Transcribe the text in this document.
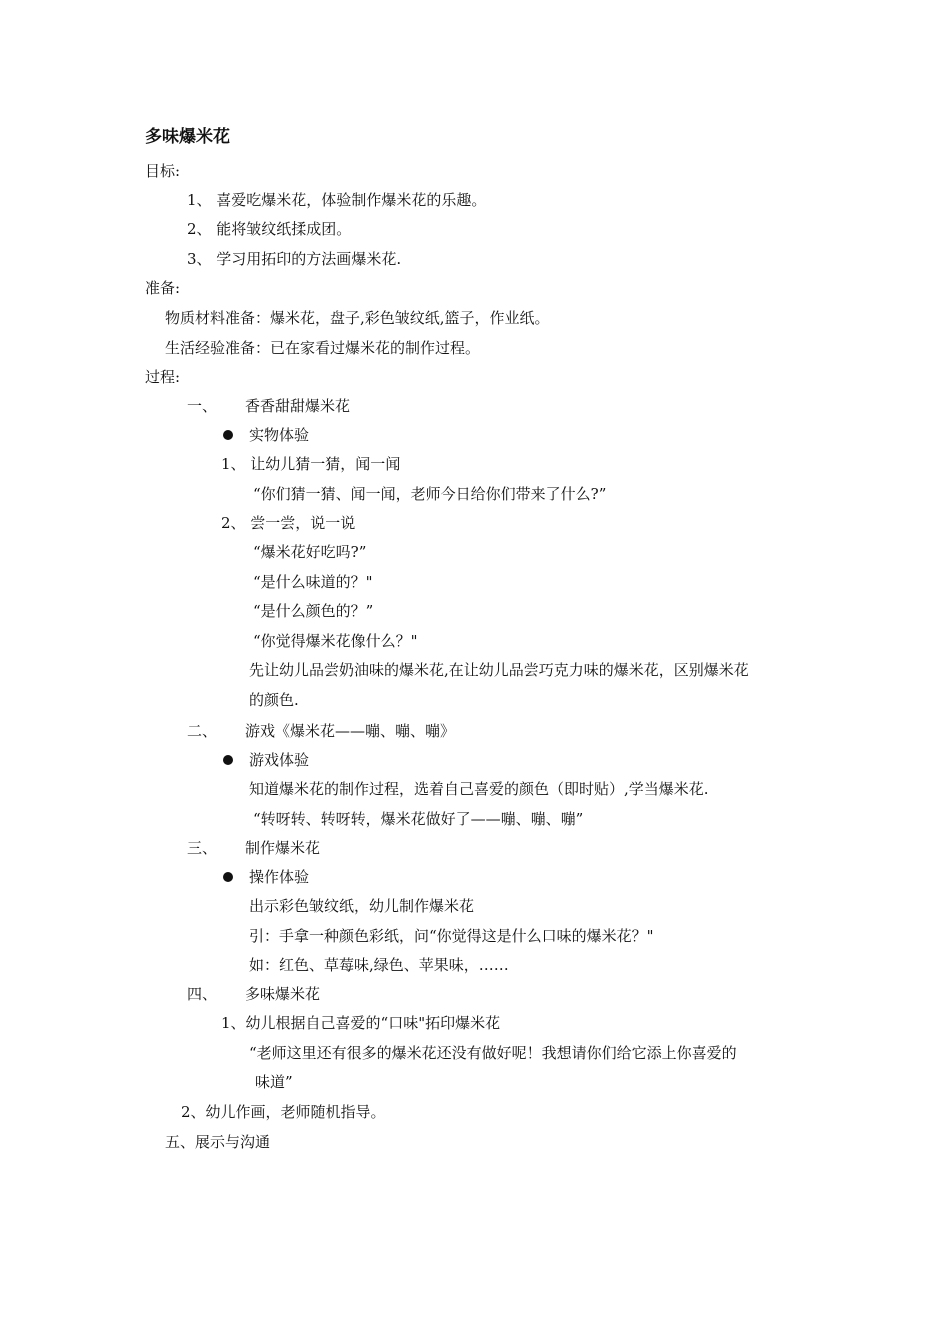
多味爆米花
目标:
1、 喜爱吃爆米花，体验制作爆米花的乐趣。
2、 能将皱纹纸揉成团。
3、 学习用拓印的方法画爆米花.
准备:
物质材料准备：爆米花，盘子,彩色皱纹纸,篮子，作业纸。
生活经验准备：已在家看过爆米花的制作过程。
过程:
一、 香香甜甜爆米花
实物体验
1、 让幼儿猜一猜，闻一闻
“你们猜一猜、闻一闻，老师今日给你们带来了什么?”
2、 尝一尝，说一说
“爆米花好吃吗?”
“是什么味道的？"
“是什么颜色的？”
“你觉得爆米花像什么？"
先让幼儿品尝奶油味的爆米花,在让幼儿品尝巧克力味的爆米花，区别爆米花
的颜色.
二、 游戏《爆米花——嘣、嘣、嘣》
游戏体验
知道爆米花的制作过程，选着自己喜爱的颜色（即时贴）,学当爆米花.
“转呀转、转呀转，爆米花做好了——嘣、嘣、嘣”
三、 制作爆米花
操作体验
出示彩色皱纹纸，幼儿制作爆米花
引：手拿一种颜色彩纸，问“你觉得这是什么口味的爆米花？"
如：红色、草莓味,绿色、苹果味，……
四、 多味爆米花
1、幼儿根据自己喜爱的“口味"拓印爆米花
“老师这里还有很多的爆米花还没有做好呢！我想请你们给它添上你喜爱的
味道”
2、幼儿作画，老师随机指导。
五、展示与沟通
